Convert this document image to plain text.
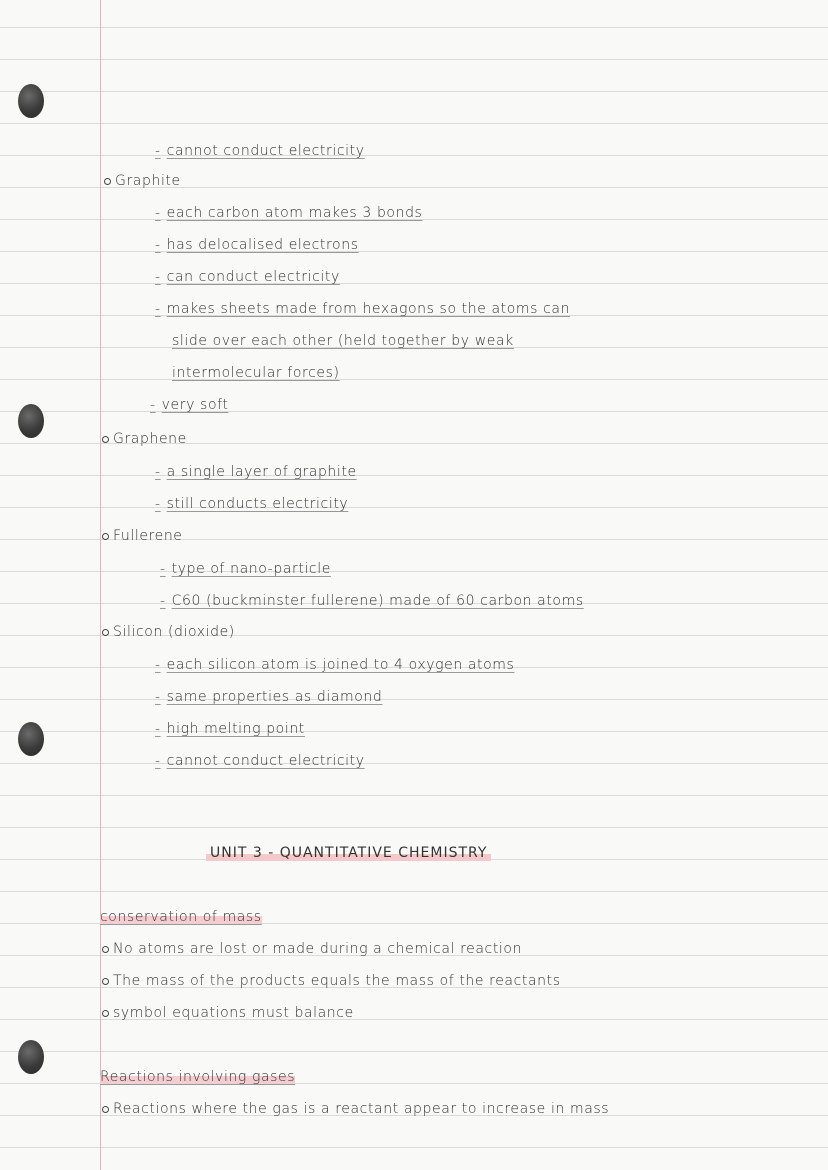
- cannot conduct electricity
Graphite
- each carbon atom makes 3 bonds
- has delocalised electrons
- can conduct electricity
- makes sheets made from hexagons so the atoms can
slide over each other (held together by weak
intermolecular forces)
- very soft
Graphene
- a single layer of graphite
- still conducts electricity
Fullerene
- type of nano-particle
- C60 (buckminster fullerene) made of 60 carbon atoms
Silicon (dioxide)
- each silicon atom is joined to 4 oxygen atoms
- same properties as diamond
- high melting point
- cannot conduct electricity
UNIT 3 - QUANTITATIVE CHEMISTRY
conservation of mass
No atoms are lost or made during a chemical reaction
The mass of the products equals the mass of the reactants
symbol equations must balance
Reactions involving gases
Reactions where the gas is a reactant appear to increase in mass
